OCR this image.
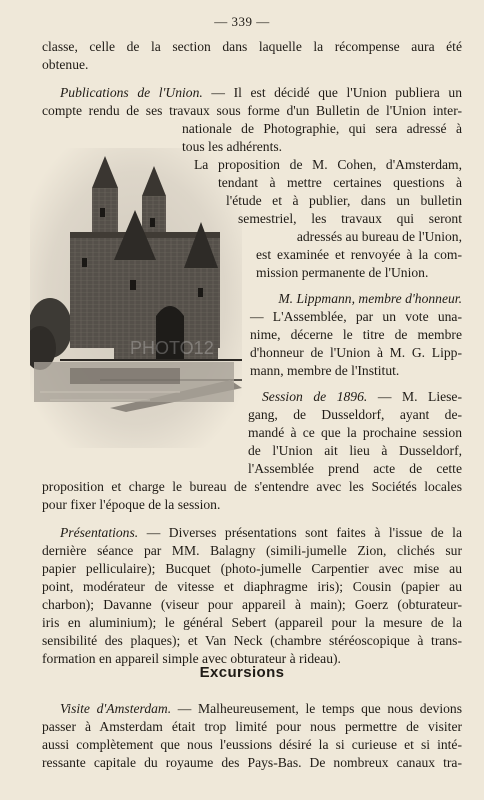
— 339 —
PHOTO12
classe, celle de la section dans laquelle la récompense aura été
obtenue.
Publications de l'Union. — Il est décidé que l'Union publiera un
compte rendu de ses travaux sous forme d'un Bulletin de l'Union inter-
nationale de Photographie, qui sera adressé à
tous les adhérents.
La proposition de M. Cohen, d'Amsterdam,
tendant à mettre certaines questions à
l'étude et à publier, dans un bulletin
semestriel, les travaux qui seront
adressés au bureau de l'Union,
est examinée et renvoyée à la com-
mission permanente de l'Union.
M. Lippmann, membre d'honneur.
— L'Assemblée, par un vote una-
nime, décerne le titre de membre
d'honneur de l'Union à M. G. Lipp-
mann, membre de l'Institut.
Session de 1896. — M. Liese-
gang, de Dusseldorf, ayant de-
mandé à ce que la prochaine session
de l'Union ait lieu à Dusseldorf,
l'Assemblée prend acte de cette
proposition et charge le bureau de s'entendre avec les Sociétés locales
pour fixer l'époque de la session.
Présentations. — Diverses présentations sont faites à l'issue de la
dernière séance par MM. Balagny (simili-jumelle Zion, clichés sur
papier pelliculaire); Bucquet (photo-jumelle Carpentier avec mise au
point, modérateur de vitesse et diaphragme iris); Cousin (papier au
charbon); Davanne (viseur pour appareil à main); Goerz (obturateur-
iris en aluminium); le général Sebert (appareil pour la mesure de la
sensibilité des plaques); et Van Neck (chambre stéréoscopique à trans-
formation en appareil simple avec obturateur à rideau).
Excursions
Visite d'Amsterdam. — Malheureusement, le temps que nous devions
passer à Amsterdam était trop limité pour nous permettre de visiter
aussi complètement que nous l'eussions désiré la si curieuse et si inté-
ressante capitale du royaume des Pays-Bas. De nombreux canaux tra-
